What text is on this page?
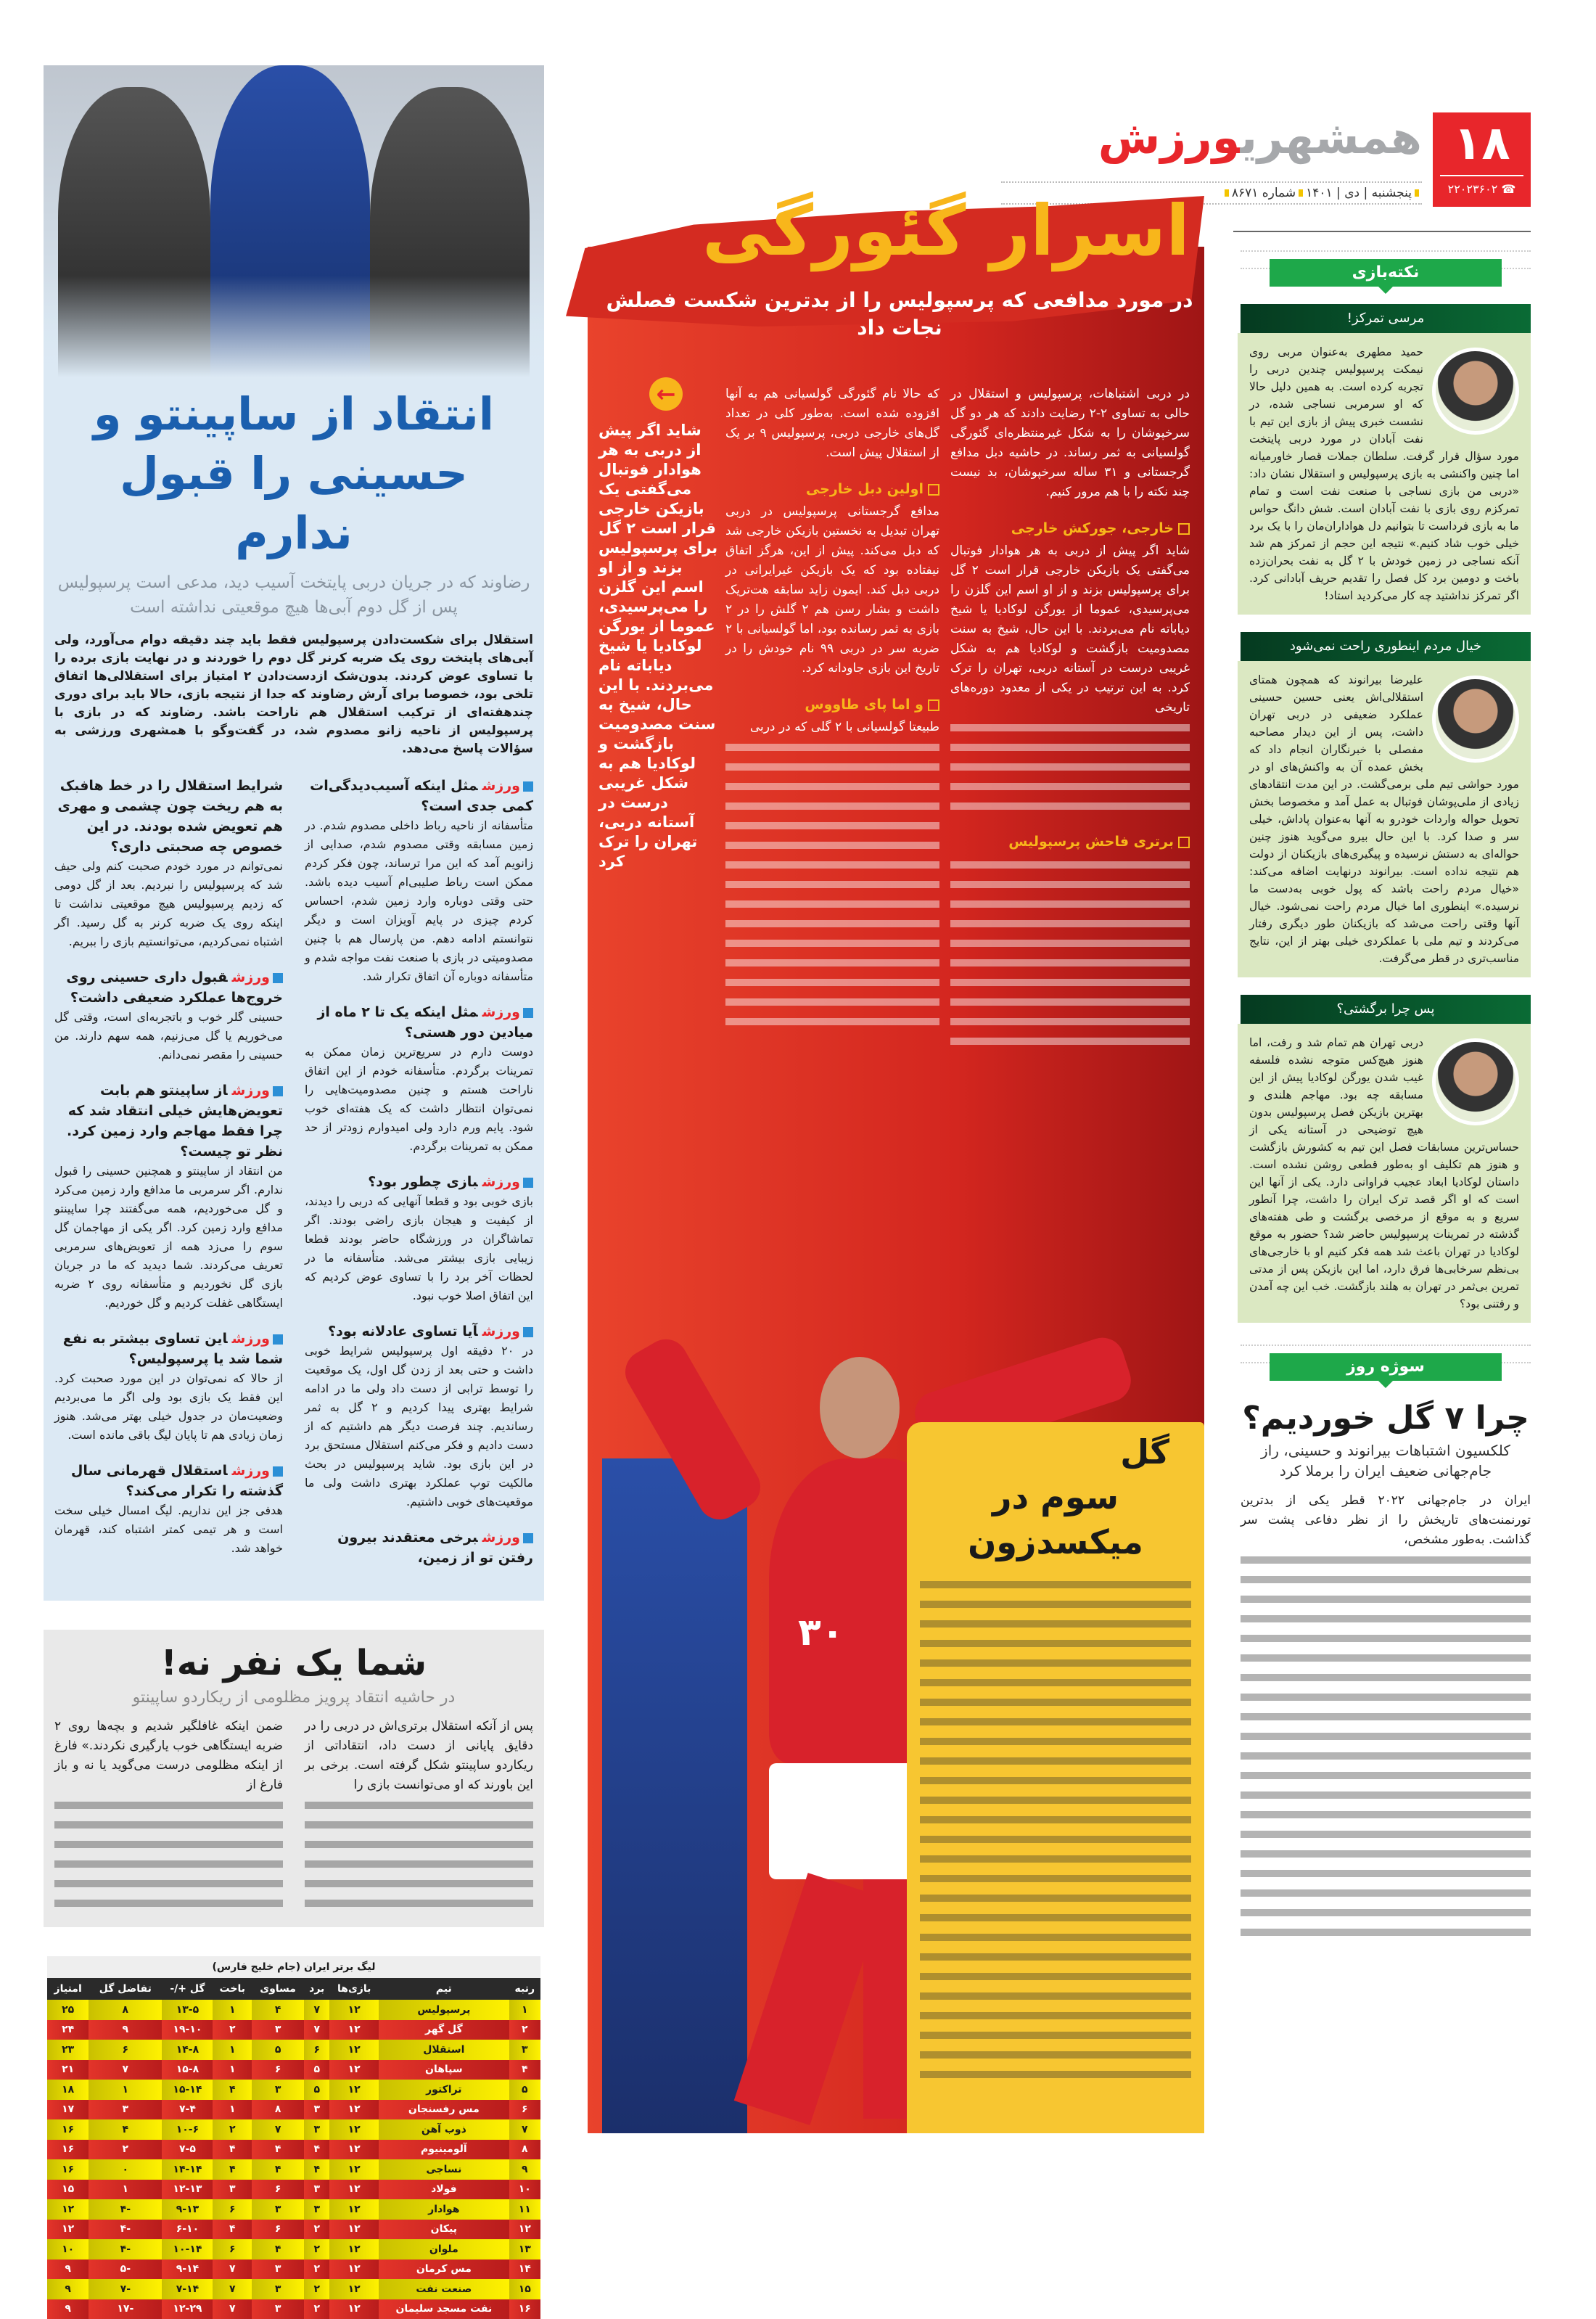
۱۸
☎ ۲۲۰۲۳۶۰۲
همشهریورزش
پنجشنبه | دی | ۱۴۰۱شماره ۸۶۷۱
انتقاد از ساپینتو و
حسینی را قبول ندارم
رضاوند که در جریان دربی پایتخت آسیب دید، مدعی است پرسپولیس پس از گل دوم آبی‌ها هیچ موقعیتی نداشته است
استقلال برای شکست‌دادن پرسپولیس فقط باید چند دقیقه دوام می‌آورد، ولی آبی‌های پایتخت روی یک ضربه کرنر گل دوم را خوردند و در نهایت بازی برده را با تساوی عوض کردند. بدون‌شک ازدست‌دادن ۲ امتیاز برای استقلالی‌ها اتفاق تلخی بود، خصوصا برای آرش رضاوند که جدا از نتیجه بازی، حالا باید برای دوری چندهفته‌ای از ترکیب استقلال هم ناراحت باشد. رضاوند که در بازی با پرسپولیس از ناحیه زانو مصدوم شد، در گفت‌وگو با همشهری ورزشی به سؤالات پاسخ می‌دهد.
ورزشمثل اینکه آسیب‌دیدگی‌ات کمی جدی است؟
متأسفانه از ناحیه رباط داخلی مصدوم شدم. در زمین مسابقه وقتی مصدوم شدم، صدایی از زانویم آمد که این مرا ترساند، چون فکر کردم ممکن است رباط صلیبی‌ام آسیب دیده باشد. حتی وقتی دوباره وارد زمین شدم، احساس کردم چیزی در پایم آویزان است و دیگر نتوانستم ادامه دهم. من پارسال هم با چنین مصدومیتی در بازی با صنعت نفت مواجه شدم و متأسفانه دوباره آن اتفاق تکرار شد.
ورزشمثل اینکه یک تا ۲ ماه از میادین دور هستی؟
دوست دارم در سریع‌ترین زمان ممکن به تمرینات برگردم. متأسفانه خودم از این اتفاق ناراحت هستم و چنین مصدومیت‌هایی را نمی‌توان انتظار داشت که یک هفته‌ای خوب شود. پایم ورم دارد ولی امیدوارم زودتر از حد ممکن به تمرینات برگردم.
ورزشبازی چطور بود؟
بازی خوبی بود و قطعا آنهایی که دربی را دیدند، از کیفیت و هیجان بازی راضی بودند. اگر تماشاگران در ورزشگاه حاضر بودند قطعا زیبایی بازی بیشتر می‌شد. متأسفانه ما در لحظات آخر برد را با تساوی عوض کردیم که این اتفاق اصلا خوب نبود.
ورزشآیا تساوی عادلانه بود؟
در ۲۰ دقیقه اول پرسپولیس شرایط خوبی داشت و حتی بعد از زدن گل اول، یک موقعیت را توسط ترابی از دست داد ولی ما در ادامه شرایط بهتری پیدا کردیم و ۲ گل به ثمر رساندیم. چند فرصت دیگر هم داشتیم که از دست دادیم و فکر می‌کنم استقلال مستحق برد در این بازی بود. شاید پرسپولیس در بحث مالکیت توپ عملکرد بهتری داشت ولی ما موقعیت‌های خوبی داشتیم.
ورزشبرخی معتقدند بیرون رفتن تو از زمین،
شرایط استقلال را در خط هافبک به هم ریخت چون چشمی و مهری هم تعویض شده بودند. در این خصوص چه صحبتی داری؟
نمی‌توانم در مورد خودم صحبت کنم ولی حیف شد که پرسپولیس را نبردیم. بعد از گل دومی که زدیم پرسپولیس هیچ موقعیتی نداشت تا اینکه روی یک ضربه کرنر به گل رسید. اگر اشتباه نمی‌کردیم، می‌توانستیم بازی را ببریم.
ورزشقبول داری حسینی روی خروج‌ها عملکرد ضعیفی داشت؟
حسینی گلر خوب و باتجربه‌ای است، وقتی گل می‌خوریم یا گل می‌زنیم، همه سهم دارند. من حسینی را مقصر نمی‌دانم.
ورزشاز ساپینتو هم بابت تعویض‌هایش خیلی انتقاد شد که چرا فقط مهاجم وارد زمین کرد. نظر تو چیست؟
من انتقاد از ساپینتو و همچنین حسینی را قبول ندارم. اگر سرمربی ما مدافع وارد زمین می‌کرد و گل می‌خوردیم، همه می‌گفتند چرا ساپینتو مدافع وارد زمین کرد. اگر یکی از مهاجمان گل سوم را می‌زد همه از تعویض‌های سرمربی تعریف می‌کردند. شما دیدید که ما در جریان بازی گل نخوردیم و متأسفانه روی ۲ ضربه ایستگاهی غفلت کردیم و گل خوردیم.
ورزشاین تساوی بیشتر به نفع شما شد یا پرسپولیس؟
از حالا که نمی‌توان در این مورد صحبت کرد. این فقط یک بازی بود ولی اگر ما می‌بردیم وضعیت‌مان در جدول خیلی بهتر می‌شد. هنوز زمان زیادی هم تا پایان لیگ باقی مانده است.
ورزشاستقلال قهرمانی سال گذشته را تکرار می‌کند؟
هدفی جز این نداریم. لیگ امسال خیلی سخت است و هر تیمی کمتر اشتباه کند، قهرمان خواهد شد.
شما یک نفر نه!
در حاشیه انتقاد پرویز مظلومی از ریکاردو ساپینتو
پس از آنکه استقلال برتری‌اش در دربی را در دقایق پایانی از دست داد، انتقاداتی از ریکاردو ساپینتو شکل گرفته است. برخی بر این باورند که او می‌توانست بازی را
ضمن اینکه غافلگیر شدیم و بچه‌ها روی ۲ ضربه ایستگاهی خوب یارگیری نکردند.» فارغ از اینکه مظلومی درست می‌گوید یا نه و باز فارغ از
لیگ برتر ایران (جام خلیج فارس)
رتبه	تیم	بازی‌ها	برد	مساوی	باخت	گل +/-	تفاضل گل	امتیاز
۱	پرسپولیس	۱۲	۷	۴	۱	۱۳-۵	۸	۲۵
۲	گل گهر	۱۲	۷	۳	۲	۱۹-۱۰	۹	۲۴
۳	استقلال	۱۲	۶	۵	۱	۱۴-۸	۶	۲۳
۴	سپاهان	۱۲	۵	۶	۱	۱۵-۸	۷	۲۱
۵	تراکتور	۱۲	۵	۳	۴	۱۵-۱۴	۱	۱۸
۶	مس رفسنجان	۱۲	۳	۸	۱	۷-۴	۳	۱۷
۷	ذوب آهن	۱۲	۳	۷	۲	۱۰-۶	۴	۱۶
۸	آلومینیوم	۱۲	۴	۴	۴	۷-۵	۲	۱۶
۹	نساجی	۱۲	۴	۴	۴	۱۴-۱۴	۰	۱۶
۱۰	فولاد	۱۲	۳	۶	۳	۱۲-۱۳	۱	۱۵
۱۱	هوادار	۱۲	۳	۳	۶	۹-۱۳	-۴	۱۲
۱۲	پیکان	۱۲	۲	۶	۴	۶-۱۰	-۴	۱۲
۱۳	ملوان	۱۲	۲	۴	۶	۱۰-۱۴	-۴	۱۰
۱۴	مس کرمان	۱۲	۲	۳	۷	۹-۱۴	-۵	۹
۱۵	صنعت نفت	۱۲	۲	۳	۷	۷-۱۴	-۷	۹
۱۶	نفت مسجد سلیمان	۱۲	۲	۳	۷	۱۲-۲۹	-۱۷	۹
اسرار گئورگی
در مورد مدافعی که پرسپولیس را از بدترین شکست فصلش نجات داد
در دربی اشتباهات، پرسپولیس و استقلال در حالی به تساوی ۲-۲ رضایت دادند که هر دو گل سرخپوشان را به شکل غیرمنتظره‌ای گئورگی گولسیانی به ثمر رساند. در حاشیه دبل مدافع گرجستانی و ۳۱ ساله سرخپوشان، بد نیست چند نکته را با هم مرور کنیم.
خارجی، جورکش خارجی
شاید اگر پیش از دربی به هر هوادار فوتبال می‌گفتی یک بازیکن خارجی قرار است ۲ گل برای پرسپولیس بزند و از او اسم این گلزن را می‌پرسیدی، عموما از یورگن لوکادیا یا شیخ دیاباته نام می‌بردند. با این حال، شیخ به سنت مصدومیت بازگشت و لوکادیا هم به شکل غریبی درست در آستانه دربی، تهران را ترک کرد. به این ترتیب در یکی از معدود دوره‌های تاریخی
برتری فاحش پرسپولیس
که حالا نام گئورگی گولسیانی هم به آنها افزوده شده است. به‌طور کلی در تعداد گل‌های خارجی دربی، پرسپولیس ۹ بر یک از استقلال پیش است.
اولین دبل خارجی
مدافع گرجستانی پرسپولیس در دربی تهران تبدیل به نخستین بازیکن خارجی شد که دبل می‌کند. پیش از این، هرگز اتفاق نیفتاده بود که یک بازیکن غیرایرانی در دربی دبل کند. ایمون زاید سابقه هت‌تریک داشت و بشار رسن هم ۲ گلش را در ۲ بازی به ثمر رسانده بود، اما گولسیانی با ۲ ضربه سر در دربی ۹۹ نام خودش را در تاریخ این بازی جاودانه کرد.
و اما پای طاووس
طبیعتا گولسیانی با ۲ گلی که در دربی
←
شاید اگر پیش از دربی به هر هوادار فوتبال می‌گفتی یک بازیکن خارجی قرار است ۲ گل برای پرسپولیس بزند و از او اسم این گلزن را می‌پرسیدی، عموما از یورگن لوکادیا یا شیخ دیاباته نام می‌بردند. با این حال، شیخ به سنت مصدومیت بازگشت و لوکادیا هم به شکل غریبی درست در آستانه دربی، تهران را ترک کرد
۳۰
گل
سوم در میکسدزون
نکته‌بازی
مرسی تمرکز!
حمید مطهری به‌عنوان مربی روی نیمکت پرسپولیس چندین دربی را تجربه کرده است. به همین دلیل حالا که او سرمربی نساجی شده، در نشست خبری پیش از بازی این تیم با نفت آبادان در مورد دربی پایتخت مورد سؤال قرار گرفت. سلطان جملات قصار خاورمیانه اما چنین واکنشی به بازی پرسپولیس و استقلال نشان داد: «دربی من بازی نساجی با صنعت نفت است و تمام تمرکزم روی بازی با نفت آبادان است. شش دانگ حواس ما به بازی فرداست تا بتوانیم دل هواداران‌مان را با یک برد خیلی خوب شاد کنیم.» نتیجه این حجم از تمرکز هم شد آنکه نساجی در زمین خودش با ۲ گل به نفت بحران‌زده باخت و دومین برد کل فصل را تقدیم حریف آبادانی کرد. اگر تمرکز نداشتید چه کار می‌کردید استاد!
خیال مردم اینطوری راحت نمی‌شود
علیرضا بیرانوند که همچون همتای استقلالی‌اش یعنی حسین حسینی عملکرد ضعیفی در دربی تهران داشت، پس از این دیدار مصاحبه مفصلی با خبرنگاران انجام داد که بخش عمده آن به واکنش‌های او در مورد حواشی تیم ملی برمی‌گشت. در این مدت انتقادهای زیادی از ملی‌پوشان فوتبال به عمل آمد و مخصوصا بخش تحویل حواله واردات خودرو به آنها به‌عنوان پاداش، خیلی سر و صدا کرد. با این حال بیرو می‌گوید هنوز چنین حواله‌ای به دستش نرسیده و پیگیری‌های بازیکنان از دولت هم نتیجه نداده است. بیرانوند درنهایت اضافه می‌کند: «خیال مردم راحت باشد که پول خوبی به‌دست ما نرسیده.» اینطوری اما خیال مردم راحت نمی‌شود. خیال آنها وقتی راحت می‌شد که بازیکنان طور دیگری رفتار می‌کردند و تیم ملی با عملکردی خیلی بهتر از این، نتایج مناسب‌تری در قطر می‌گرفت.
پس چرا برگشتی؟
دربی تهران هم تمام شد و رفت، اما هنوز هیچ‌کس متوجه نشده فلسفه غیب شدن یورگن لوکادیا پیش از این مسابقه چه بود. مهاجم هلندی و بهترین بازیکن فصل پرسپولیس بدون هیچ توضیحی در آستانه یکی از حساس‌ترین مسابقات فصل این تیم به کشورش بازگشت و هنوز هم تکلیف او به‌طور قطعی روشن نشده است. داستان لوکادیا ابعاد عجیب فراوانی دارد. یکی از آنها این است که او اگر قصد ترک ایران را داشت، چرا آنطور سریع و به موقع از مرخصی برگشت و طی هفته‌های گذشته در تمرینات پرسپولیس حاضر شد؟ حضور به موقع لوکادیا در تهران باعث شد همه فکر کنیم او با خارجی‌های بی‌نظم سرخابی‌ها فرق دارد، اما این بازیکن پس از مدتی تمرین بی‌ثمر در تهران به هلند بازگشت. خب این چه آمدن و رفتنی بود؟
سوژه روز
چرا ۷ گل خوردیم؟
کلکسیون اشتباهات بیرانوند و حسینی، راز جام‌جهانی ضعیف ایران را برملا کرد
ایران در جام‌جهانی ۲۰۲۲ قطر یکی از بدترین تورنمنت‌های تاریخش را از نظر دفاعی پشت سر گذاشت. به‌طور مشخص،
